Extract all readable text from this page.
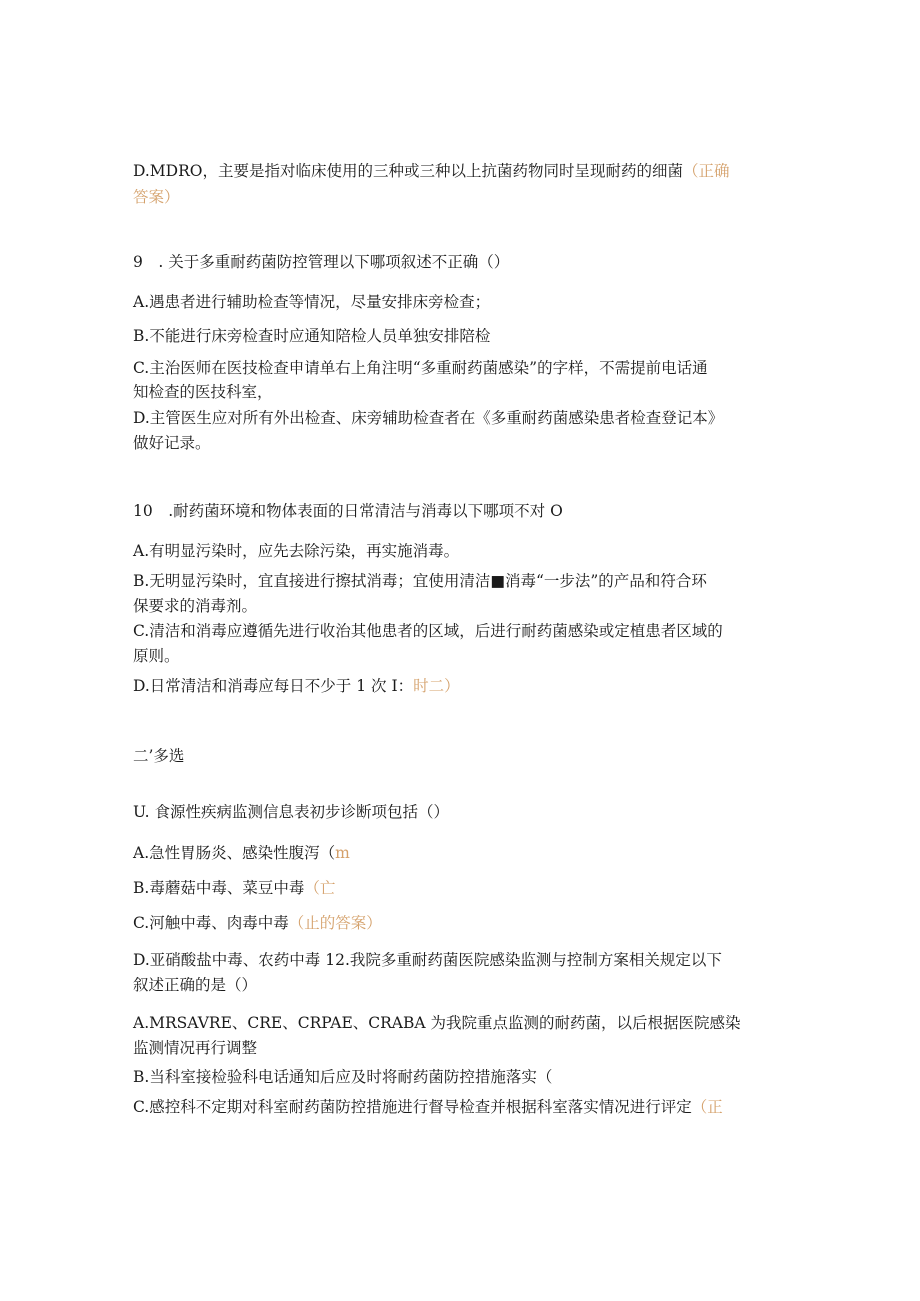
D.MDRO，主要是指对临床使用的三种或三种以上抗菌药物同时呈现耐药的细菌（正确
答案）
9　. 关于多重耐药菌防控管理以下哪项叙述不正确（）
A.遇患者进行辅助检查等情况，尽量安排床旁检查；
B.不能进行床旁检查时应通知陪检人员单独安排陪检
C.主治医师在医技检查申请单右上角注明“多重耐药菌感染”的字样，不需提前电话通
知检查的医技科室，
D.主管医生应对所有外出检查、床旁辅助检查者在《多重耐药菌感染患者检查登记本》
做好记录。
10　.耐药菌环境和物体表面的日常清洁与消毒以下哪项不对 O
A.有明显污染时，应先去除污染，再实施消毒。
B.无明显污染时，宜直接进行擦拭消毒；宜使用清洁■消毒“一步法”的产品和符合环
保要求的消毒剂。
C.清洁和消毒应遵循先进行收治其他患者的区域，后进行耐药菌感染或定植患者区域的
原则。
D.日常清洁和消毒应每日不少于 1 次 I：时二）
二’多选
U. 食源性疾病监测信息表初步诊断项包括（）
A.急性胃肠炎、感染性腹泻（m
B.毒蘑菇中毒、菜豆中毒（亡
C.河触中毒、肉毒中毒（止的答案）
D.亚硝酸盐中毒、农药中毒 12.我院多重耐药菌医院感染监测与控制方案相关规定以下
叙述正确的是（）
A.MRSAVRE、CRE、CRPAE、CRABA 为我院重点监测的耐药菌，以后根据医院感染
监测情况再行调整
B.当科室接检验科电话通知后应及时将耐药菌防控措施落实（
C.感控科不定期对科室耐药菌防控措施进行督导检查并根据科室落实情况进行评定（正
